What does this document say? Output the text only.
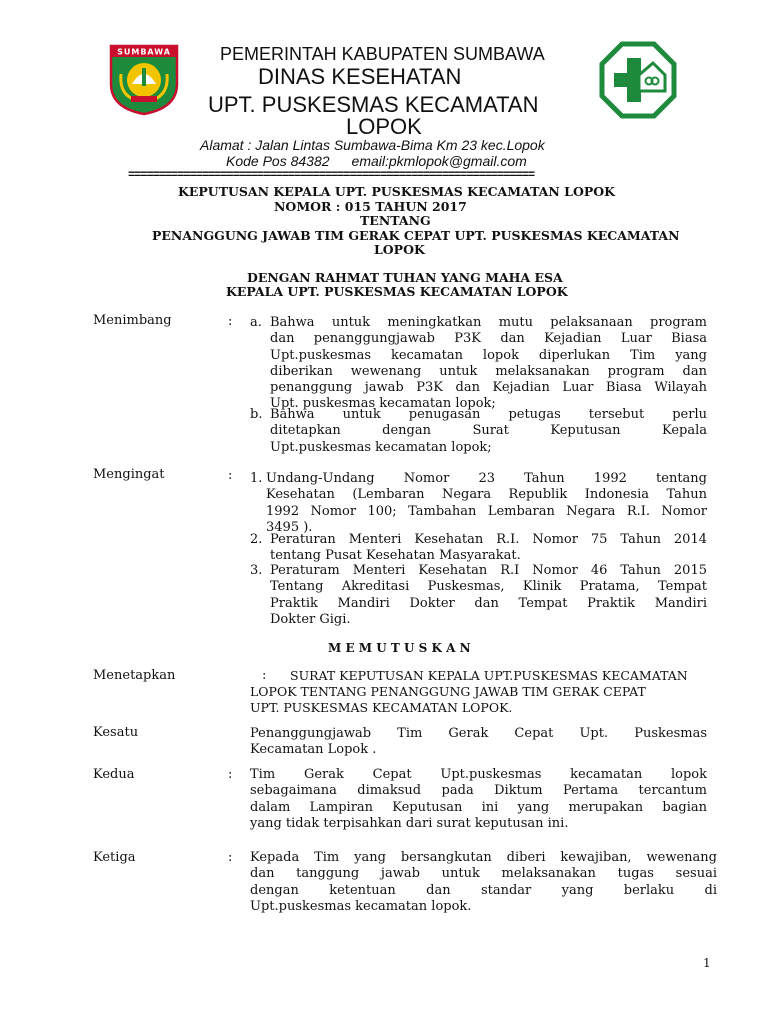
SUMBAWA	PEMERINTAH KABUPATEN SUMBAWA
DINAS KESEHATAN
UPT. PUSKESMAS KECAMATAN
LOPOK
Alamat : Jalan Lintas Sumbawa-Bima Km 23 kec.Lopok
Kode Pos 84382 email:pkmlopok@gmail.com
==================================================================
KEPUTUSAN KEPALA UPT. PUSKESMAS KECAMATAN LOPOK
NOMOR : 015 TAHUN 2017
TENTANG
PENANGGUNG JAWAB TIM GERAK CEPAT UPT. PUSKESMAS KECAMATAN
LOPOK
DENGAN RAHMAT TUHAN YANG MAHA ESA
KEPALA UPT. PUSKESMAS KECAMATAN LOPOK
Menimbang	: a. Bahwa untuk meningkatkan mutu pelaksanaan program
dan penanggungjawab P3K dan Kejadian Luar Biasa
Upt.puskesmas kecamatan lopok diperlukan Tim yang
diberikan wewenang untuk melaksanakan program dan
penanggung jawab P3K dan Kejadian Luar Biasa Wilayah
Upt. puskesmas kecamatan lopok;
b. Bahwa untuk penugasan petugas tersebut perlu
ditetapkan dengan Surat Keputusan Kepala
Upt.puskesmas kecamatan lopok;
Mengingat	: 1. Undang-Undang Nomor 23 Tahun 1992 tentang
Kesehatan (Lembaran Negara Republik Indonesia Tahun
1992 Nomor 100; Tambahan Lembaran Negara R.I. Nomor
3495 ).
2. Peraturan Menteri Kesehatan R.I. Nomor 75 Tahun 2014
tentang Pusat Kesehatan Masyarakat.
3. Peraturam Menteri Kesehatan R.I Nomor 46 Tahun 2015
Tentang Akreditasi Puskesmas, Klinik Pratama, Tempat
Praktik Mandiri Dokter dan Tempat Praktik Mandiri
Dokter Gigi.
M E M U T U S K A N
Menetapkan	:	SURAT KEPUTUSAN KEPALA UPT.PUSKESMAS KECAMATAN
LOPOK TENTANG PENANGGUNG JAWAB TIM GERAK CEPAT
UPT. PUSKESMAS KECAMATAN LOPOK.
Kesatu	Penanggungjawab Tim Gerak Cepat Upt. Puskesmas
Kecamatan Lopok .
Kedua	: Tim Gerak Cepat Upt.puskesmas kecamatan lopok
sebagaimana dimaksud pada Diktum Pertama tercantum
dalam Lampiran Keputusan ini yang merupakan bagian
yang tidak terpisahkan dari surat keputusan ini.
Ketiga	: Kepada Tim yang bersangkutan diberi kewajiban, wewenang
dan tanggung jawab untuk melaksanakan tugas sesuai
dengan ketentuan dan standar yang berlaku di
Upt.puskesmas kecamatan lopok.
1
